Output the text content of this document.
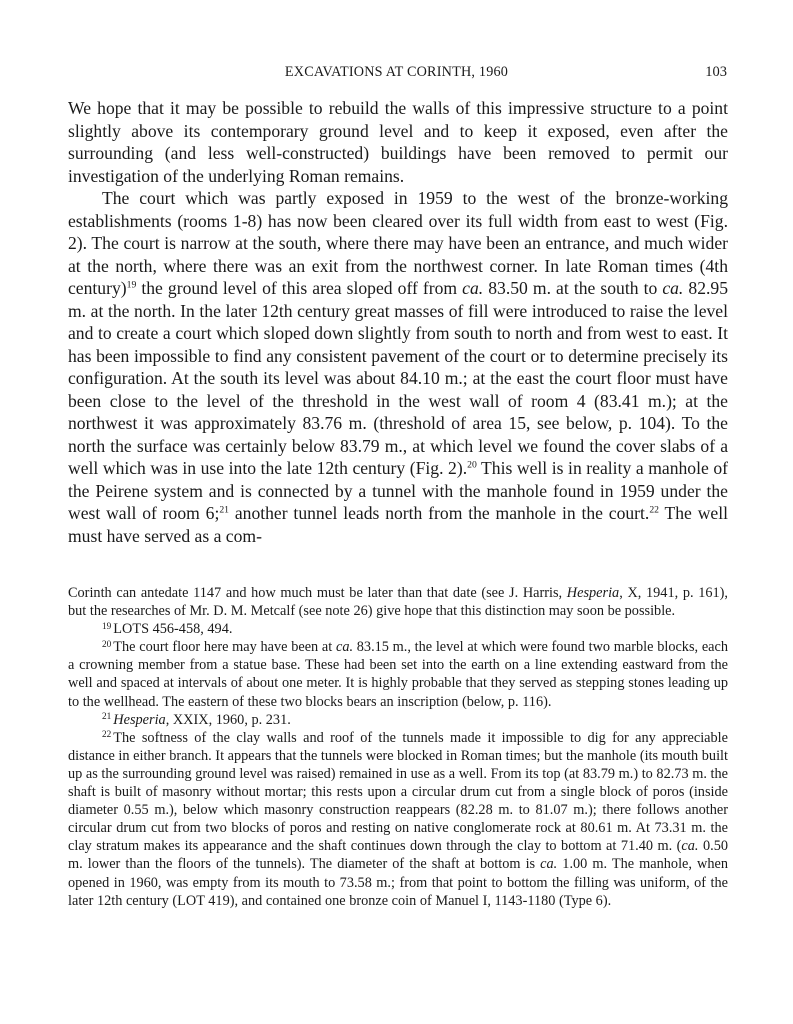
EXCAVATIONS AT CORINTH, 1960	103

We hope that it may be possible to rebuild the walls of this impressive structure to a point slightly above its contemporary ground level and to keep it exposed, even after the surrounding (and less well-constructed) buildings have been removed to permit our investigation of the underlying Roman remains.

The court which was partly exposed in 1959 to the west of the bronze-working establishments (rooms 1-8) has now been cleared over its full width from east to west (Fig. 2). The court is narrow at the south, where there may have been an entrance, and much wider at the north, where there was an exit from the northwest corner. In late Roman times (4th century)$^{19}$ the ground level of this area sloped off from ca. 83.50 m. at the south to ca. 82.95 m. at the north. In the later 12th century great masses of fill were introduced to raise the level and to create a court which sloped down slightly from south to north and from west to east. It has been impossible to find any consistent pavement of the court or to determine precisely its configuration. At the south its level was about 84.10 m.; at the east the court floor must have been close to the level of the threshold in the west wall of room 4 (83.41 m.); at the northwest it was approximately 83.76 m. (threshold of area 15, see below, p. 104). To the north the surface was certainly below 83.79 m., at which level we found the cover slabs of a well which was in use into the late 12th century (Fig. 2).$^{20}$ This well is in reality a manhole of the Peirene system and is connected by a tunnel with the manhole found in 1959 under the west wall of room 6;$^{21}$ another tunnel leads north from the manhole in the court.$^{22}$ The well must have served as a com-

Corinth can antedate 1147 and how much must be later than that date (see J. Harris, Hesperia, X, 1941, p. 161), but the researches of Mr. D. M. Metcalf (see note 26) give hope that this distinction may soon be possible.

$^{19}$ LOTS 456-458, 494.

$^{20}$ The court floor here may have been at ca. 83.15 m., the level at which were found two marble blocks, each a crowning member from a statue base. These had been set into the earth on a line extending eastward from the well and spaced at intervals of about one meter. It is highly probable that they served as stepping stones leading up to the wellhead. The eastern of these two blocks bears an inscription (below, p. 116).

$^{21}$ Hesperia, XXIX, 1960, p. 231.

$^{22}$ The softness of the clay walls and roof of the tunnels made it impossible to dig for any appreciable distance in either branch. It appears that the tunnels were blocked in Roman times; but the manhole (its mouth built up as the surrounding ground level was raised) remained in use as a well. From its top (at 83.79 m.) to 82.73 m. the shaft is built of masonry without mortar; this rests upon a circular drum cut from a single block of poros (inside diameter 0.55 m.), below which masonry construction reappears (82.28 m. to 81.07 m.); there follows another circular drum cut from two blocks of poros and resting on native conglomerate rock at 80.61 m. At 73.31 m. the clay stratum makes its appearance and the shaft continues down through the clay to bottom at 71.40 m. (ca. 0.50 m. lower than the floors of the tunnels). The diameter of the shaft at bottom is ca. 1.00 m. The manhole, when opened in 1960, was empty from its mouth to 73.58 m.; from that point to bottom the filling was uniform, of the later 12th century (LOT 419), and contained one bronze coin of Manuel I, 1143-1180 (Type 6).
